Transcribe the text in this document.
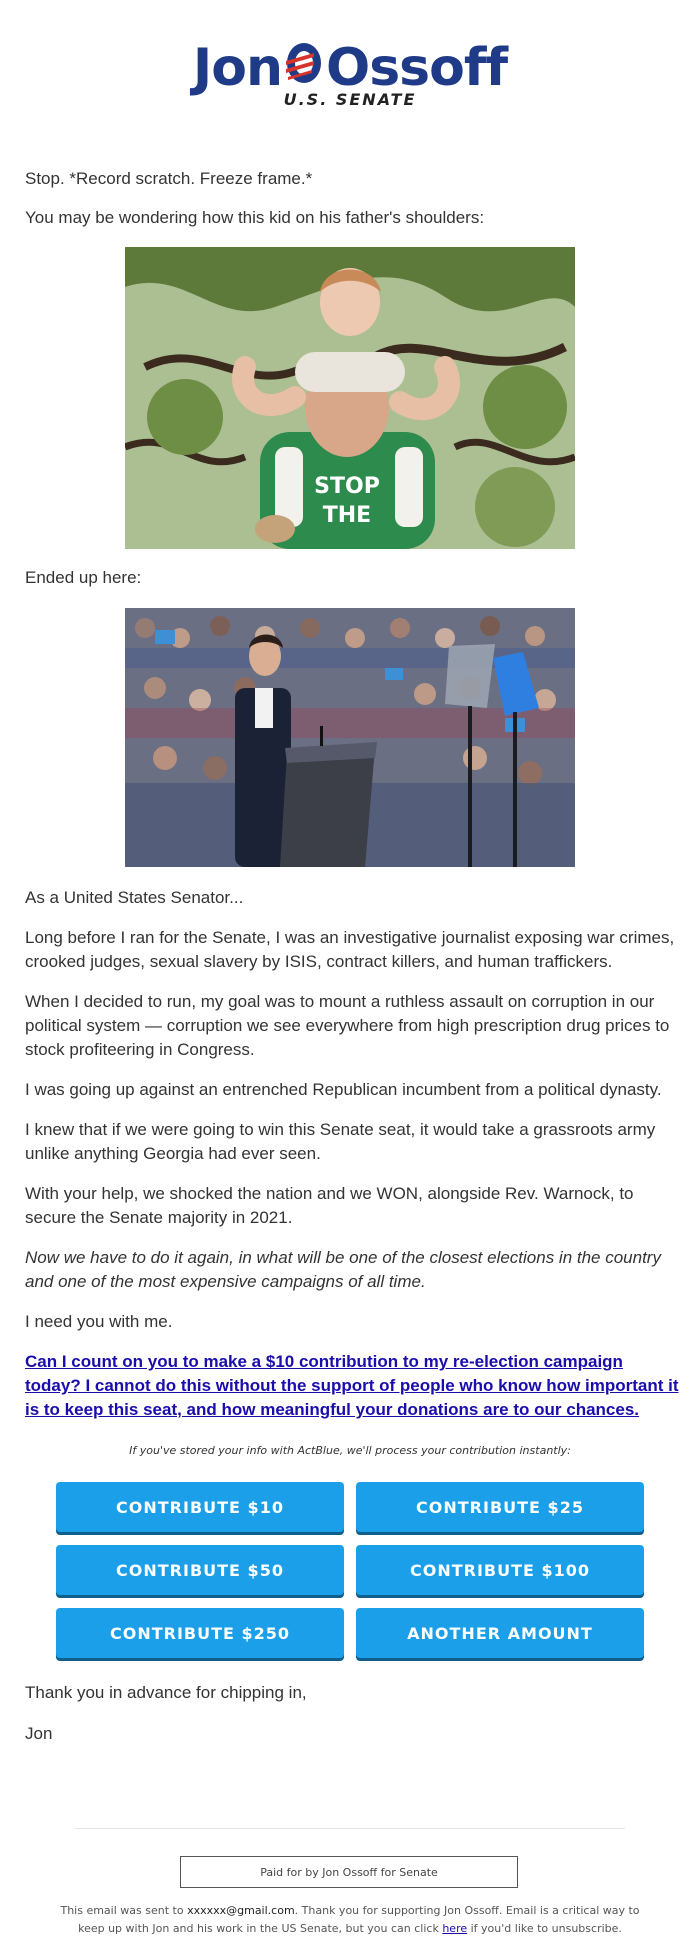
Jon Ossoff
U.S. SENATE

Stop. *Record scratch. Freeze frame.*

You may be wondering how this kid on his father's shoulders:

STOP
THE

Ended up here:

As a United States Senator...

Long before I ran for the Senate, I was an investigative journalist exposing war crimes, crooked judges, sexual slavery by ISIS, contract killers, and human traffickers.

When I decided to run, my goal was to mount a ruthless assault on corruption in our political system — corruption we see everywhere from high prescription drug prices to stock profiteering in Congress.

I was going up against an entrenched Republican incumbent from a political dynasty.

I knew that if we were going to win this Senate seat, it would take a grassroots army unlike anything Georgia had ever seen.

With your help, we shocked the nation and we WON, alongside Rev. Warnock, to secure the Senate majority in 2021.

Now we have to do it again, in what will be one of the closest elections in the country and one of the most expensive campaigns of all time.

I need you with me.

Can I count on you to make a $10 contribution to my re-election campaign today? I cannot do this without the support of people who know how important it is to keep this seat, and how meaningful your donations are to our chances.
If you've stored your info with ActBlue, we'll process your contribution instantly:
CONTRIBUTE $10	CONTRIBUTE $25
CONTRIBUTE $50	CONTRIBUTE $100
CONTRIBUTE $250	ANOTHER AMOUNT

Thank you in advance for chipping in,

Jon

Paid for by Jon Ossoff for Senate
This email was sent to xxxxxx@gmail.com. Thank you for supporting Jon Ossoff. Email is a critical way to keep up with Jon and his work in the US Senate, but you can click here if you'd like to unsubscribe.
